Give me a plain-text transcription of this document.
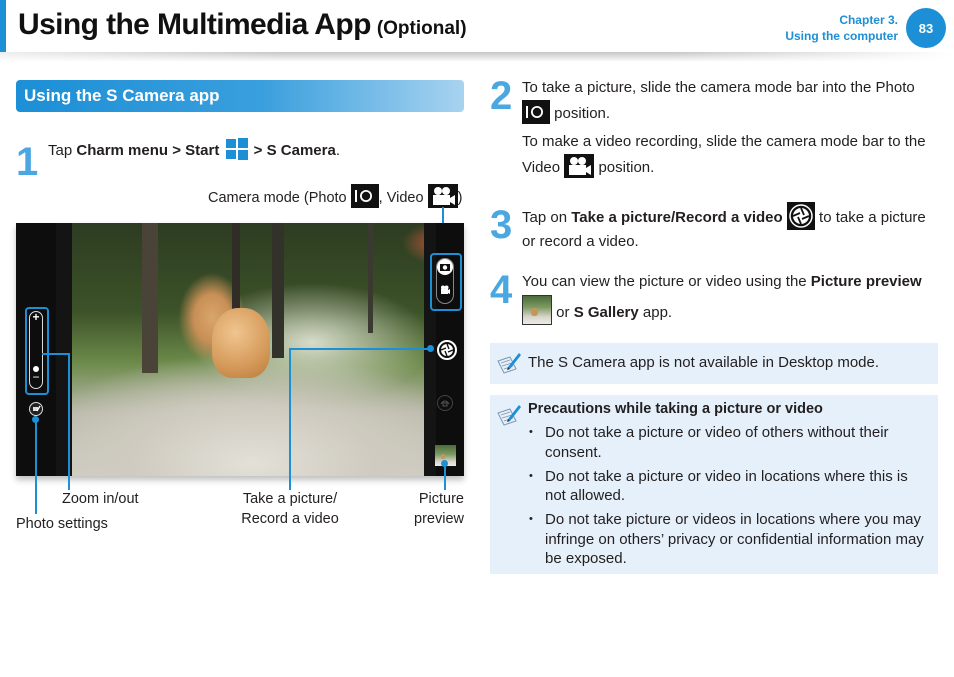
Using the Multimedia App (Optional)	Chapter 3.
Using the computer
83
Using the S Camera app
1 Tap Charm menu > Start > S Camera.
Camera mode (Photo , Video )
+
−
Zoom in/out
Photo settings
Take a picture/
Record a video
Picture
preview
2 To take a picture, slide the camera mode bar into the Photo
position.
To make a video recording, slide the camera mode bar to the
Video	position.
3 Tap on Take a picture/Record a video  to take a picture
or record a video.
4 You can view the picture or video using the Picture preview

or S Gallery app.
The S Camera app is not available in Desktop mode.
Precautions while taking a picture or video
• Do not take a picture or video of others without their consent.
• Do not take a picture or video in locations where this is not allowed.
• Do not take picture or videos in locations where you may infringe on others’ privacy or confidential information may be exposed.
